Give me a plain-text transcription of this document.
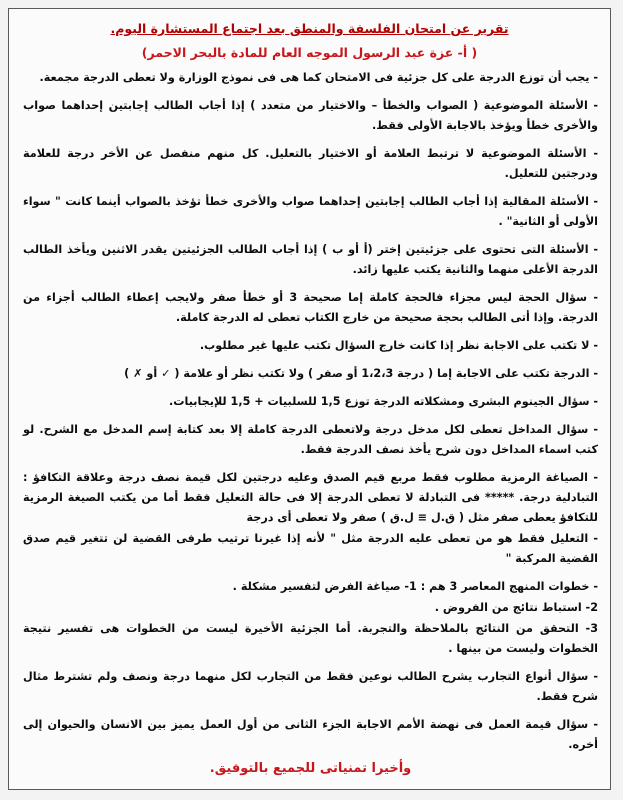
تقرير عن امتحان الفلسفة والمنطق بعد اجتماع المستشارة اليوم.
( أ- عزة عبد الرسول الموجه العام للمادة بالبحر الاحمر)

- يجب أن توزع الدرجة على كل جزئية فى الامتحان كما هى فى نموذج الوزارة ولا تعطى الدرجة مجمعة.

- الأسئلة الموضوعية ( الصواب والخطأ – والاختيار من متعدد ) إذا أجاب الطالب إجابتين إحداهما صواب والأخرى خطأ ويؤخذ بالاجابة الأولى فقط.

- الأسئلة الموضوعية لا ترتبط العلامة أو الاختيار بالتعليل. كل منهم منفصل عن الأخر درجة للعلامة ودرجتين للتعليل.

- الأسئلة المقالية إذا أجاب الطالب إجابتين إحداهما صواب والأخرى خطأ تؤخذ بالصواب أينما كانت " سواء الأولى أو الثانية" .

- الأسئلة التى تحتوى على جزئيتين إختر (أ أو ب ) إذا أجاب الطالب الجزئيتين يقدر الاثنين ويأخذ الطالب الدرجة الأعلى منهما والثانية يكتب عليها زائد.

- سؤال الحجة ليس مجزاء فالحجة كاملة إما صحيحة 3 أو خطأ صفر ولايجب إعطاء الطالب أجزاء من الدرجة. وإذا أتى الطالب بحجة صحيحة من خارج الكتاب تعطى له الدرجة كاملة.

- لا تكتب على الاجابة نظر إذا كانت خارج السؤال تكتب عليها غير مطلوب.

- الدرجة تكتب على الاجابة إما ( درجة 1،2،3 أو صفر ) ولا تكتب نظر أو علامة ( ✓ أو ✗ )

- سؤال الجينوم البشرى ومشكلاته الدرجة توزع 1,5 للسلبيات + 1,5 للإيجابيات.

- سؤال المداخل تعطى لكل مدخل درجة ولاتعطى الدرجة كاملة إلا بعد كتابة إسم المدخل مع الشرح. لو كتب اسماء المداخل دون شرح يأخذ نصف الدرجة فقط.

- الصياغة الرمزية مطلوب فقط مربع قيم الصدق وعليه درجتين لكل قيمة نصف درجة وعلاقة التكافؤ : التبادلية درجة. ***** فى التبادلة لا تعطى الدرجة إلا فى حالة التعليل فقط أما من يكتب الصيغة الرمزية للتكافؤ يعطى صفر مثل ( ق.ل ≡ ل.ق ) صفر ولا تعطى أى درجة

- التعليل فقط هو من تعطى عليه الدرجة مثل " لأنه إذا غيرنا ترتيب طرفى القضية لن تتغير قيم صدق القضية المركبة "

- خطوات المنهج المعاصر 3 هم : 1- صياغة الفرض لتفسير مشكلة .

2- استباط نتائج من الفروض .

3- التحقق من النتائج بالملاحظة والتجربة. أما الجزئية الأخيرة ليست من الخطوات هى تفسير نتيجة الخطوات وليست من بينها .

- سؤال أنواع التجارب يشرح الطالب نوعين فقط من التجارب لكل منهما درجة ونصف ولم تشترط مثال شرح فقط.

- سؤال قيمة العمل فى نهضة الأمم الاجابة الجزء الثانى من أول العمل يميز بين الانسان والحيوان إلى أخره.

وأخيرا تمنياتى للجميع بالتوفيق.
